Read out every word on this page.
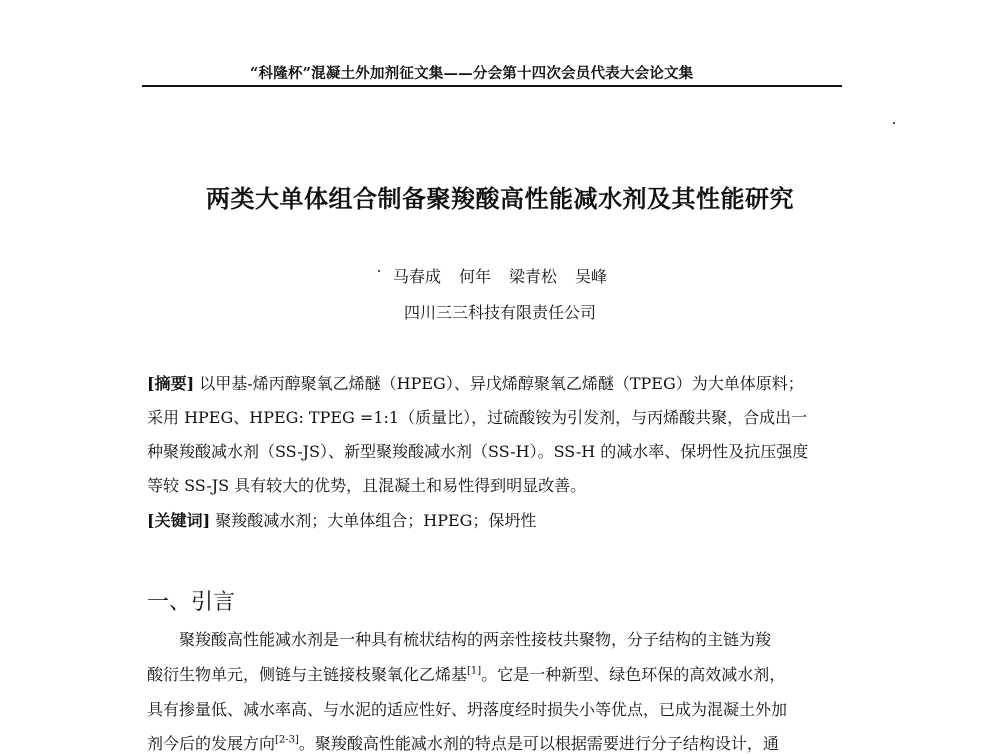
“科隆杯”混凝土外加剂征文集——分会第十四次会员代表大会论文集
两类大单体组合制备聚羧酸高性能减水剂及其性能研究
马春成 何年 梁青松 吴峰
四川三三科技有限责任公司
[摘要] 以甲基-烯丙醇聚氧乙烯醚（HPEG）、异戊烯醇聚氧乙烯醚（TPEG）为大单体原料；
采用 HPEG、HPEG: TPEG =1:1（质量比），过硫酸铵为引发剂，与丙烯酸共聚，合成出一
种聚羧酸减水剂（SS-JS）、新型聚羧酸减水剂（SS-H）。SS-H 的减水率、保坍性及抗压强度
等较 SS-JS 具有较大的优势，且混凝土和易性得到明显改善。
[关键词] 聚羧酸减水剂；大单体组合；HPEG；保坍性
一、引言
聚羧酸高性能减水剂是一种具有梳状结构的两亲性接枝共聚物，分子结构的主链为羧
酸衍生物单元，侧链与主链接枝聚氧化乙烯基[1]。它是一种新型、绿色环保的高效减水剂，
具有掺量低、减水率高、与水泥的适应性好、坍落度经时损失小等优点，已成为混凝土外加
剂今后的发展方向[2-3]。聚羧酸高性能减水剂的特点是可以根据需要进行分子结构设计，通
